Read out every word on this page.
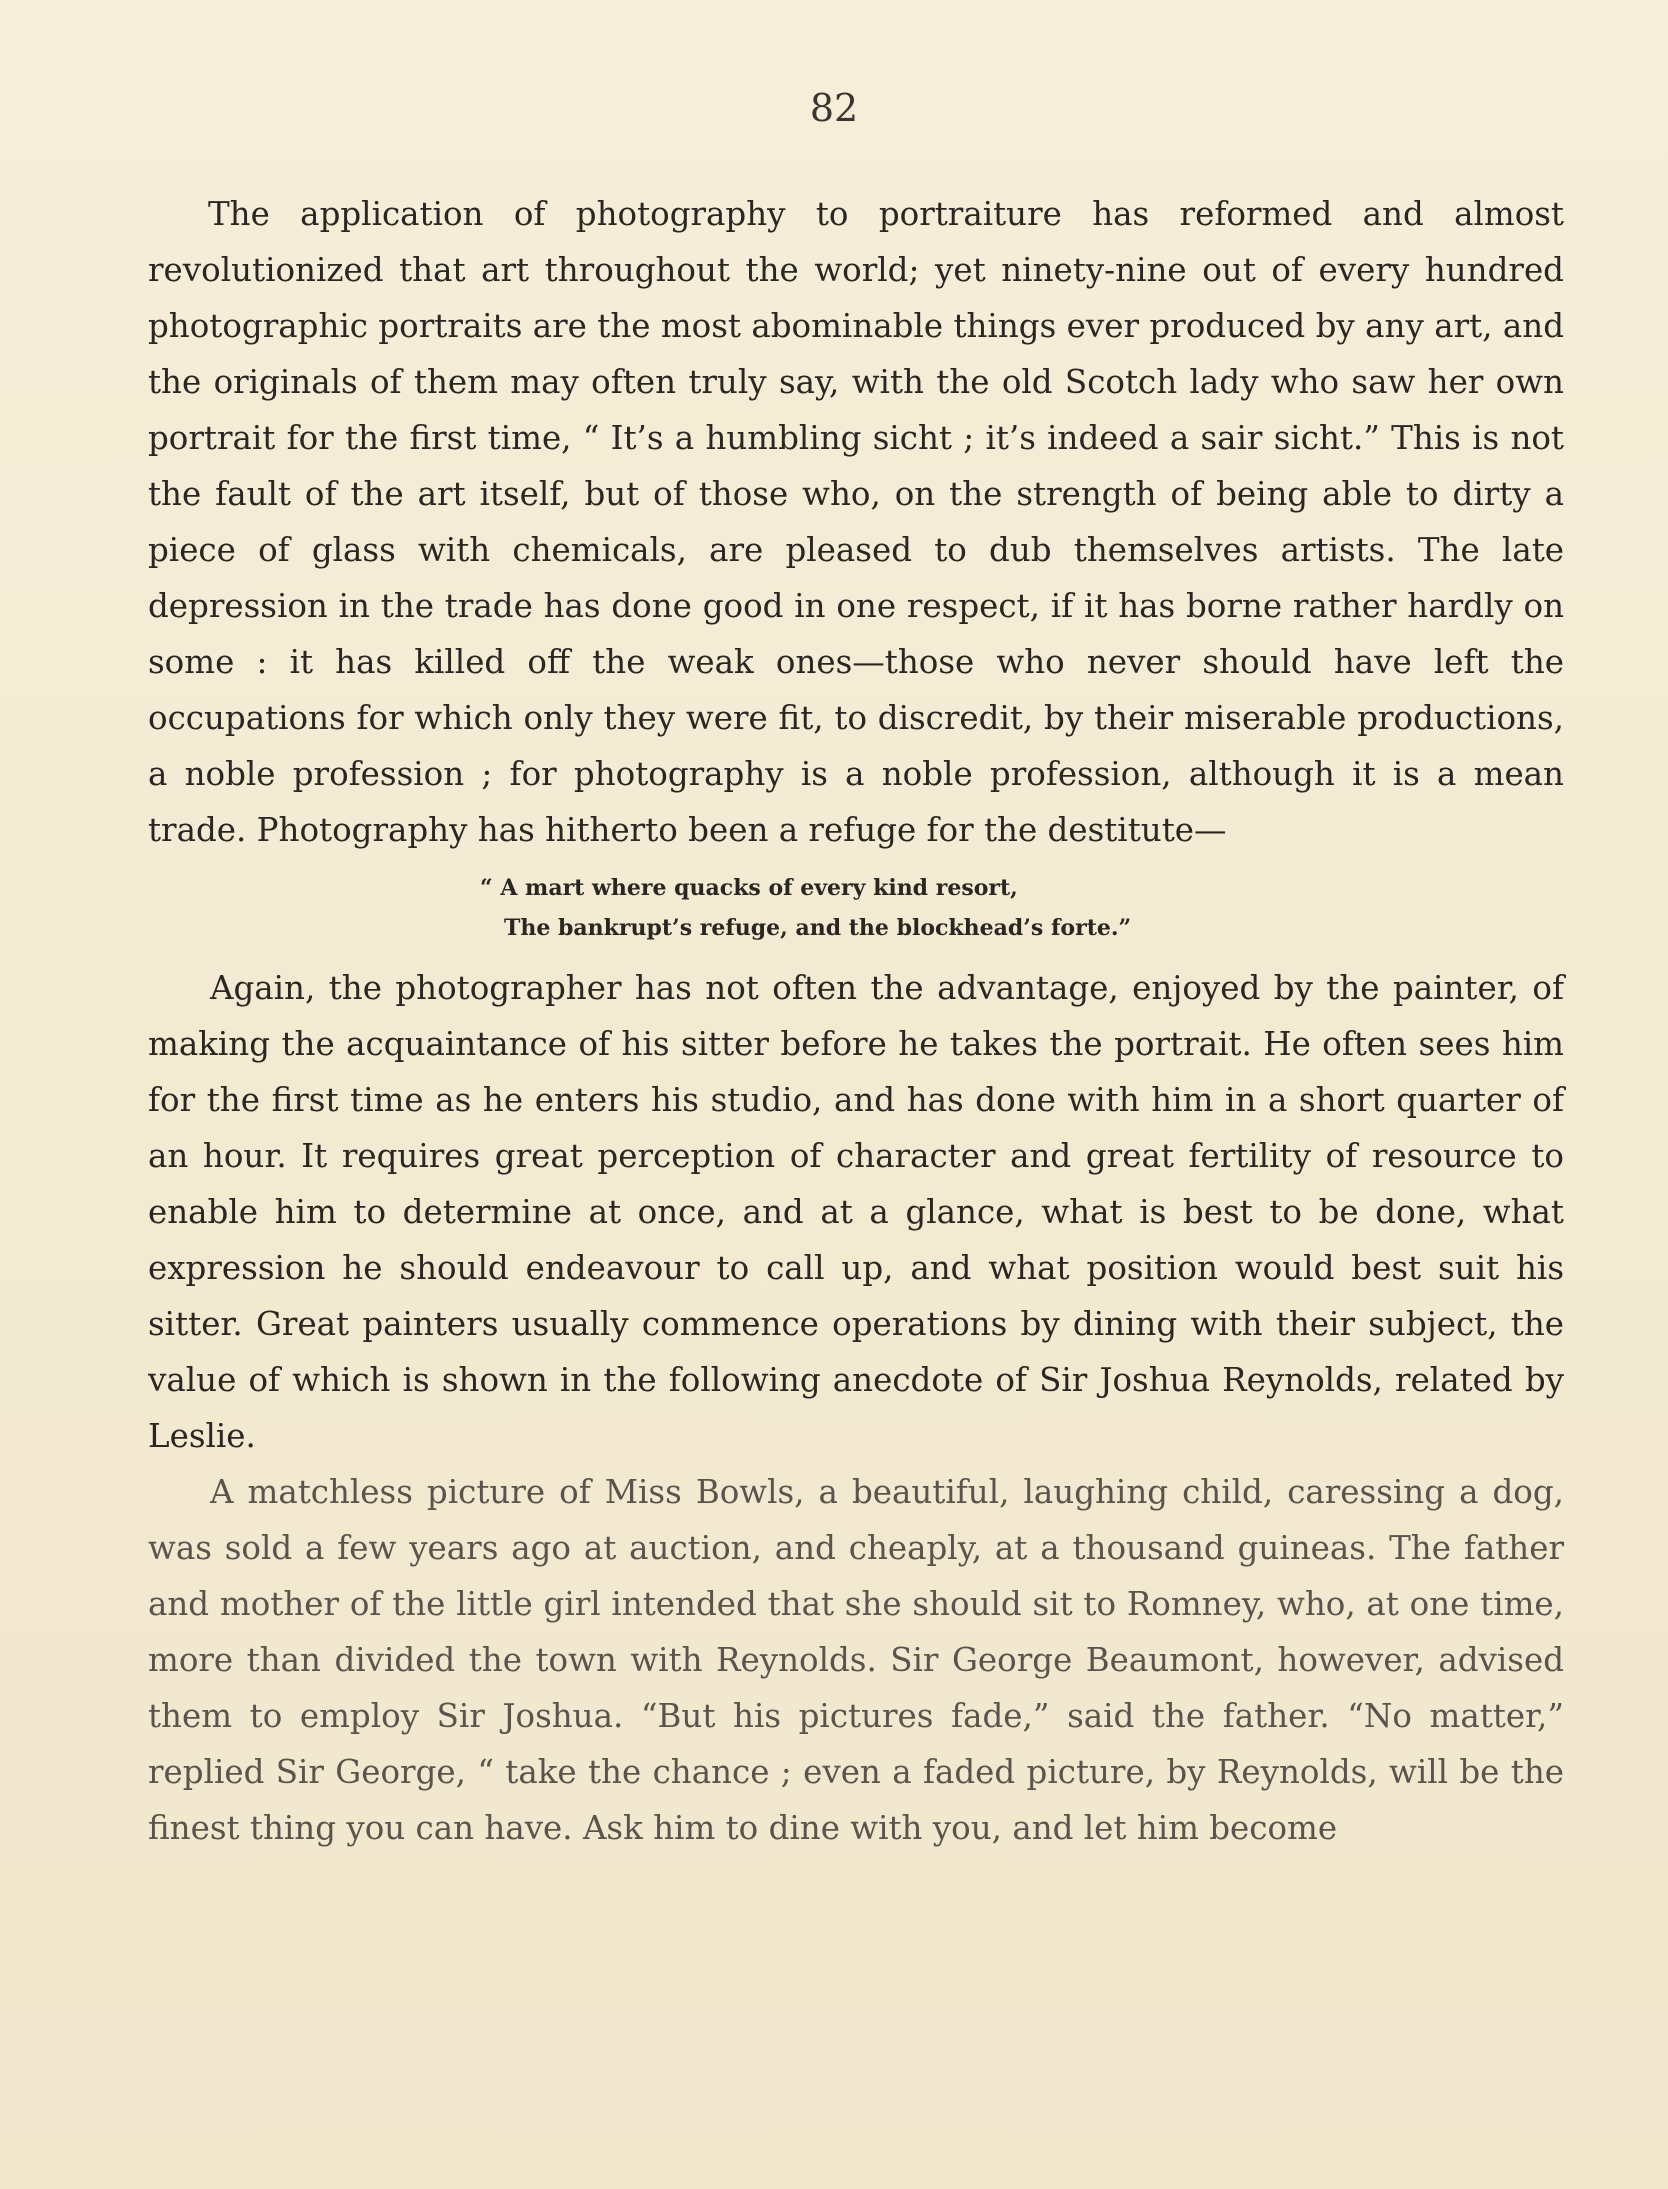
82

The application of photography to portraiture has reformed and almost revolutionized that art throughout the world; yet ninety-nine out of every hundred photographic portraits are the most abominable things ever produced by any art, and the originals of them may often truly say, with the old Scotch lady who saw her own portrait for the first time, “ It’s a humbling sicht ; it’s indeed a sair sicht.” This is not the fault of the art itself, but of those who, on the strength of being able to dirty a piece of glass with chemicals, are pleased to dub themselves artists. The late depression in the trade has done good in one respect, if it has borne rather hardly on some : it has killed off the weak ones—those who never should have left the occupations for which only they were fit, to discredit, by their miserable productions, a noble profession ; for photography is a noble profession, although it is a mean trade. Photography has hitherto been a refuge for the destitute—

“ A mart where quacks of every kind resort,
The bankrupt’s refuge, and the blockhead’s forte.”

Again, the photographer has not often the advantage, enjoyed by the painter, of making the acquaintance of his sitter before he takes the portrait. He often sees him for the first time as he enters his studio, and has done with him in a short quarter of an hour. It requires great perception of character and great fertility of resource to enable him to determine at once, and at a glance, what is best to be done, what expression he should endeavour to call up, and what position would best suit his sitter. Great painters usually commence operations by dining with their subject, the value of which is shown in the following anecdote of Sir Joshua Reynolds, related by Leslie.

A matchless picture of Miss Bowls, a beautiful, laughing child, caressing a dog, was sold a few years ago at auction, and cheaply, at a thousand guineas. The father and mother of the little girl intended that she should sit to Romney, who, at one time, more than divided the town with Reynolds. Sir George Beaumont, however, advised them to employ Sir Joshua. “But his pictures fade,” said the father. “No matter,” replied Sir George, “ take the chance ; even a faded picture, by Reynolds, will be the finest thing you can have. Ask him to dine with you, and let him become
